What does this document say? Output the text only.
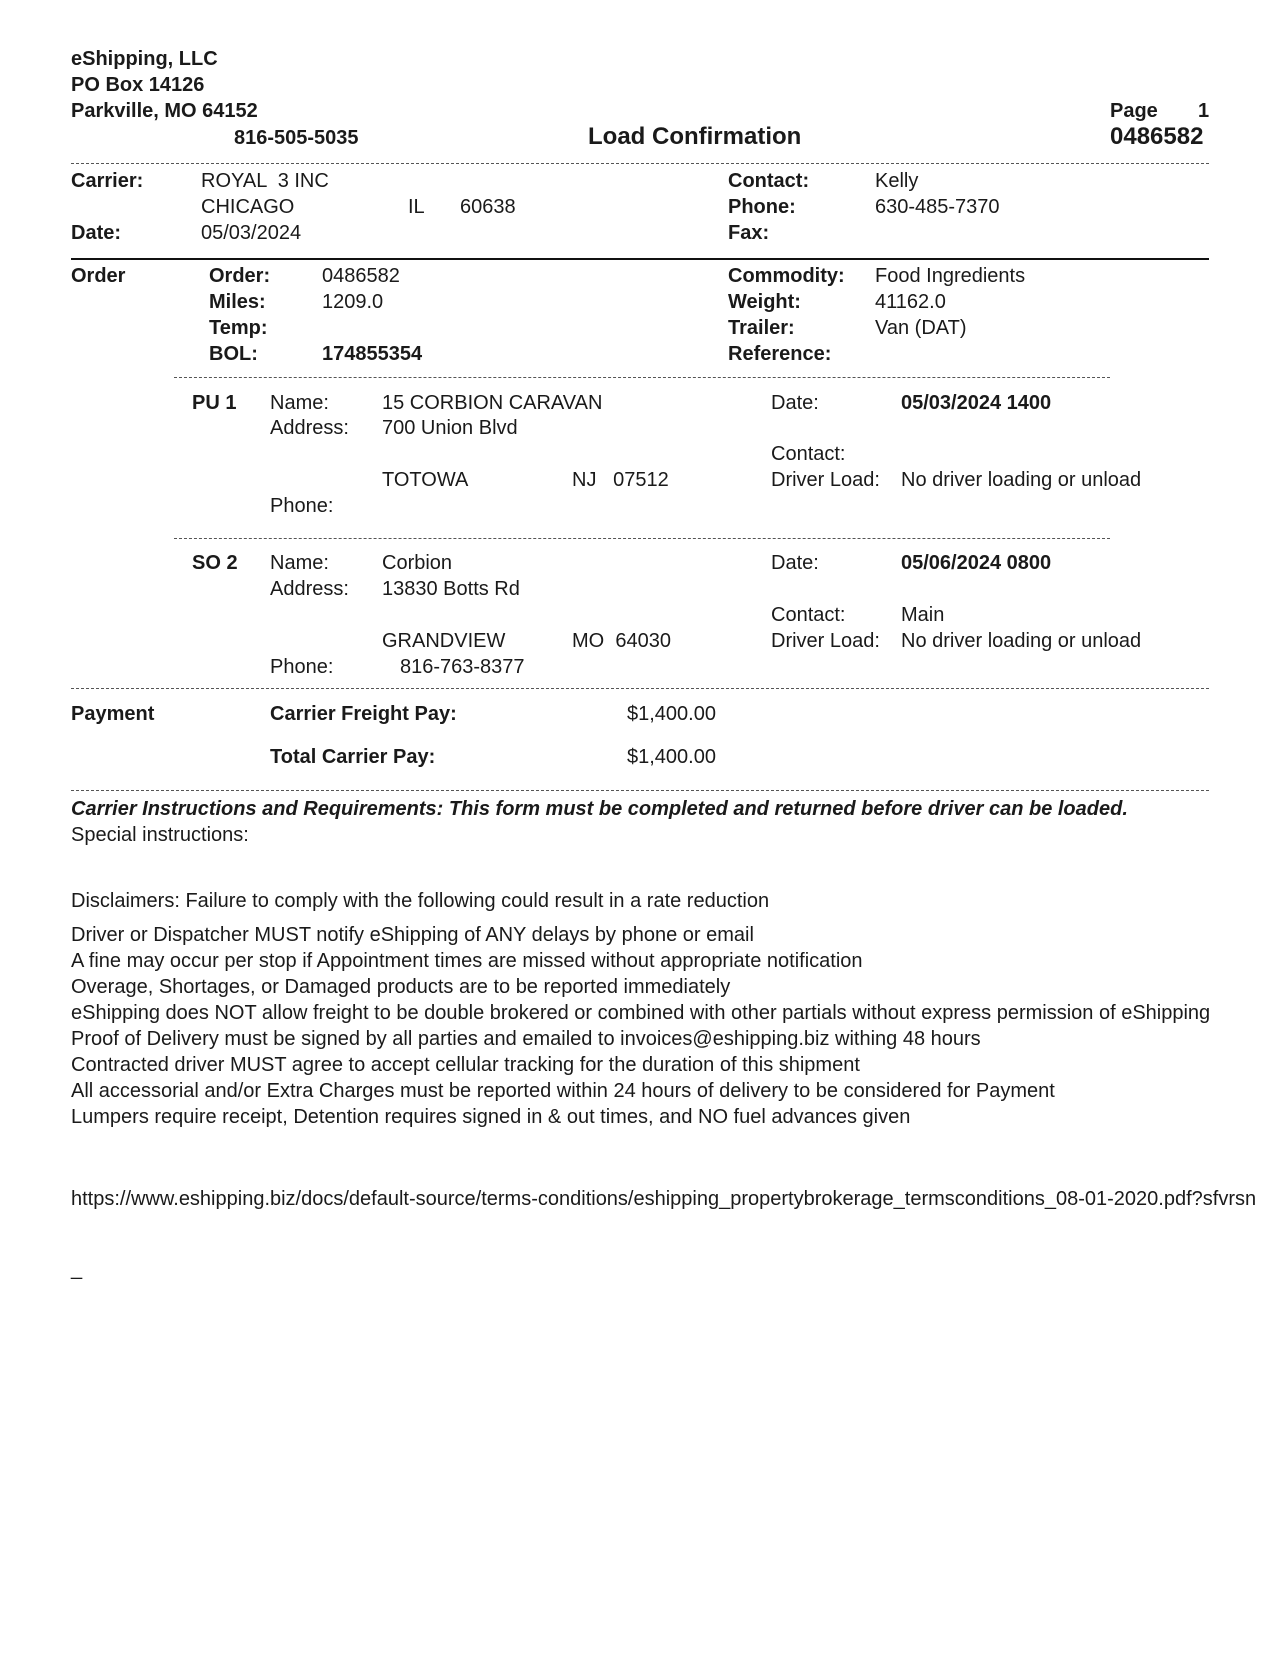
eShipping, LLC
PO Box 14126
Parkville, MO 64152
816-505-5035	Load Confirmation
Page 1
0486582
Carrier:	ROYAL  3 INC
CHICAGO	IL 60638
Date:	05/03/2024
Contact:	Kelly
Phone:	630-485-7370
Fax:
Order	Order:	0486582
Miles:	1209.0
Temp:
BOL:	174855354
Commodity: Food Ingredients
Weight:	41162.0
Trailer:	Van (DAT)
Reference:
PU 1 Name:	15 CORBION CARAVAN
Address: 700 Union Blvd
TOTOWA	NJ   07512
Phone:
Date:	05/03/2024 1400
Contact:
Driver Load: No driver loading or unload
SO 2 Name:	Corbion
Address: 13830 Botts Rd
GRANDVIEW	MO  64030
Phone:	816-763-8377
Date:	05/06/2024 0800
Contact:	Main
Driver Load: No driver loading or unload
Payment	Carrier Freight Pay:	$1,400.00
Total Carrier Pay:	$1,400.00
Carrier Instructions and Requirements: This form must be completed and returned before driver can be loaded.
Special instructions:
Disclaimers: Failure to comply with the following could result in a rate reduction
Driver or Dispatcher MUST notify eShipping of ANY delays by phone or email
A fine may occur per stop if Appointment times are missed without appropriate notification
Overage, Shortages, or Damaged products are to be reported immediately
eShipping does NOT allow freight to be double brokered or combined with other partials without express permission of eShipping
Proof of Delivery must be signed by all parties and emailed to invoices@eshipping.biz withing 48 hours
Contracted driver MUST agree to accept cellular tracking for the duration of this shipment
All accessorial and/or Extra Charges must be reported within 24 hours of delivery to be considered for Payment
Lumpers require receipt, Detention requires signed in & out times, and NO fuel advances given
https://www.eshipping.biz/docs/default-source/terms-conditions/eshipping_propertybrokerage_termsconditions_08-01-2020.pdf?sfvrsn
_
